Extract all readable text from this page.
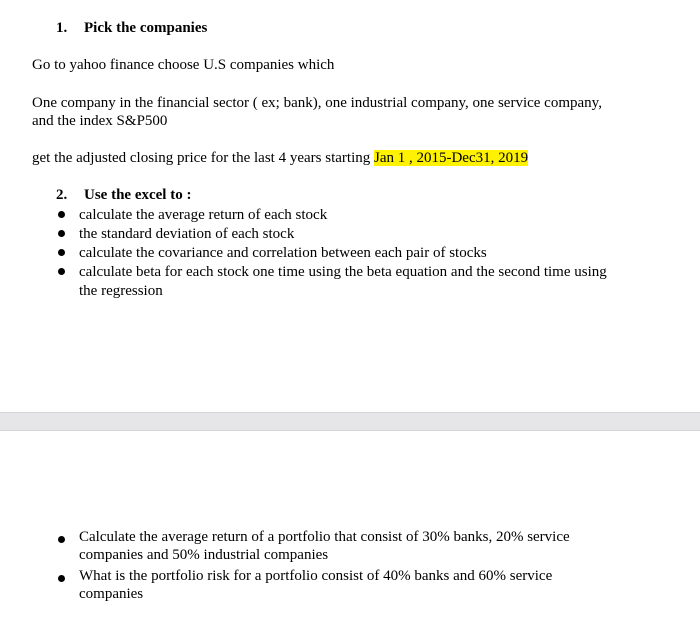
1. Pick the companies
Go to yahoo finance choose U.S companies which
One company in the financial sector ( ex; bank), one industrial company, one service company,
and the index S&P500
get the adjusted closing price for the last 4 years starting Jan 1 , 2015-Dec31, 2019
2. Use the excel to :
calculate the average return of each stock
the standard deviation of each stock
calculate the covariance and correlation between each pair of stocks
calculate beta for each stock one time using the beta equation and the second time using
the regression
Calculate the average return of a portfolio that consist of 30% banks, 20% service
companies and 50% industrial companies
What is the portfolio risk for a portfolio consist of 40% banks and 60% service
companies
